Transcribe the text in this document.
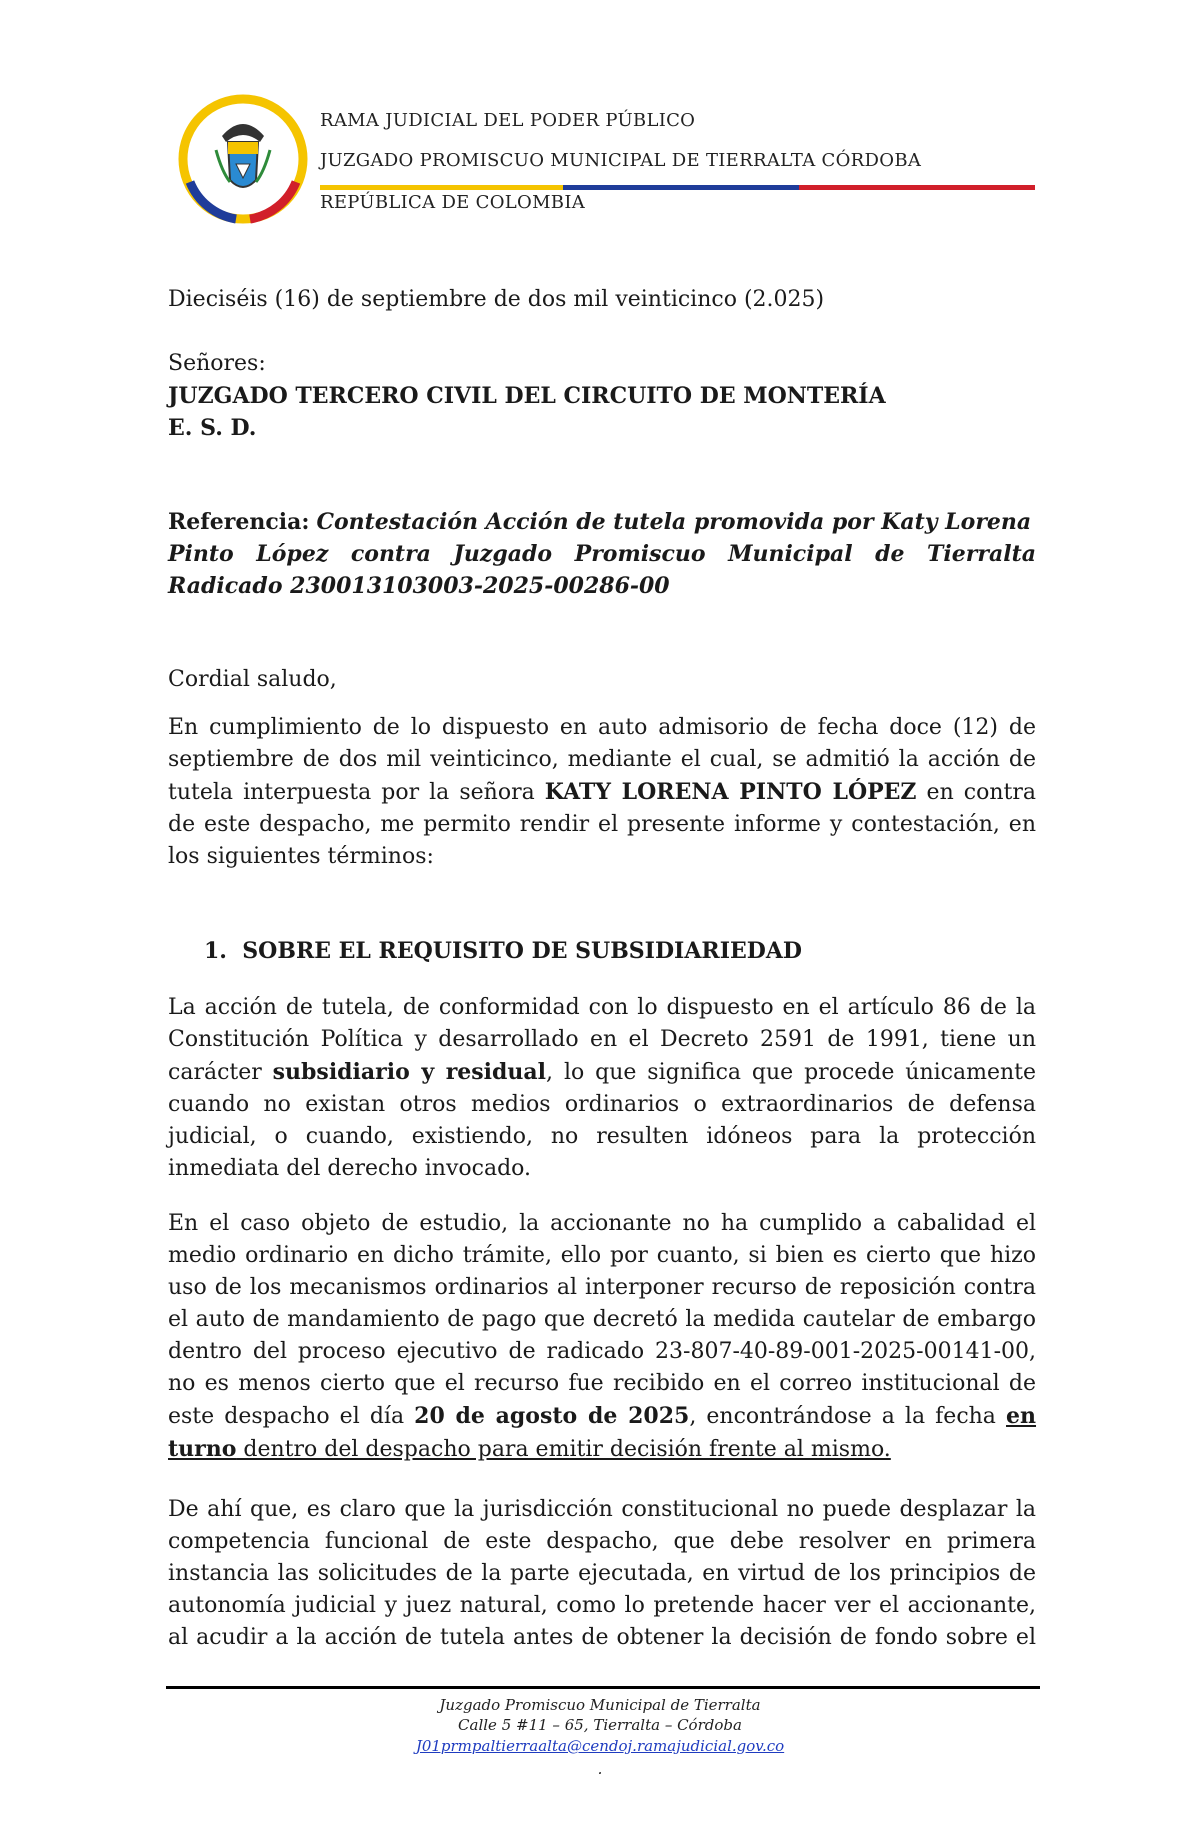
RAMA JUDICIAL DEL PODER PÚBLICO
JUZGADO PROMISCUO MUNICIPAL DE TIERRALTA CÓRDOBA
REPÚBLICA DE COLOMBIA
Dieciséis (16) de septiembre de dos mil veinticinco (2.025)
Señores:
JUZGADO TERCERO CIVIL DEL CIRCUITO DE MONTERÍA
E. S. D.
Referencia: Contestación Acción de tutela promovida por Katy Lorena
Pinto López contra Juzgado Promiscuo Municipal de Tierralta
Radicado 230013103003-2025-00286-00
Cordial saludo,
En cumplimiento de lo dispuesto en auto admisorio de fecha doce (12) de septiembre de dos mil veinticinco, mediante el cual, se admitió la acción de tutela interpuesta por la señora KATY LORENA PINTO LÓPEZ en contra de este despacho, me permito rendir el presente informe y contestación, en los siguientes términos:
1. SOBRE EL REQUISITO DE SUBSIDIARIEDAD
La acción de tutela, de conformidad con lo dispuesto en el artículo 86 de la Constitución Política y desarrollado en el Decreto 2591 de 1991, tiene un carácter subsidiario y residual, lo que significa que procede únicamente cuando no existan otros medios ordinarios o extraordinarios de defensa judicial, o cuando, existiendo, no resulten idóneos para la protección inmediata del derecho invocado.
En el caso objeto de estudio, la accionante no ha cumplido a cabalidad el medio ordinario en dicho trámite, ello por cuanto, si bien es cierto que hizo uso de los mecanismos ordinarios al interponer recurso de reposición contra el auto de mandamiento de pago que decretó la medida cautelar de embargo dentro del proceso ejecutivo de radicado 23-807-40-89-001-2025-00141-00, no es menos cierto que el recurso fue recibido en el correo institucional de este despacho el día 20 de agosto de 2025, encontrándose a la fecha en turno dentro del despacho para emitir decisión frente al mismo.
De ahí que, es claro que la jurisdicción constitucional no puede desplazar la competencia funcional de este despacho, que debe resolver en primera instancia las solicitudes de la parte ejecutada, en virtud de los principios de autonomía judicial y juez natural, como lo pretende hacer ver el accionante, al acudir a la acción de tutela antes de obtener la decisión de fondo sobre el
Juzgado Promiscuo Municipal de Tierralta
Calle 5 #11 – 65, Tierralta – Córdoba
J01prmpaltierraalta@cendoj.ramajudicial.gov.co
.
